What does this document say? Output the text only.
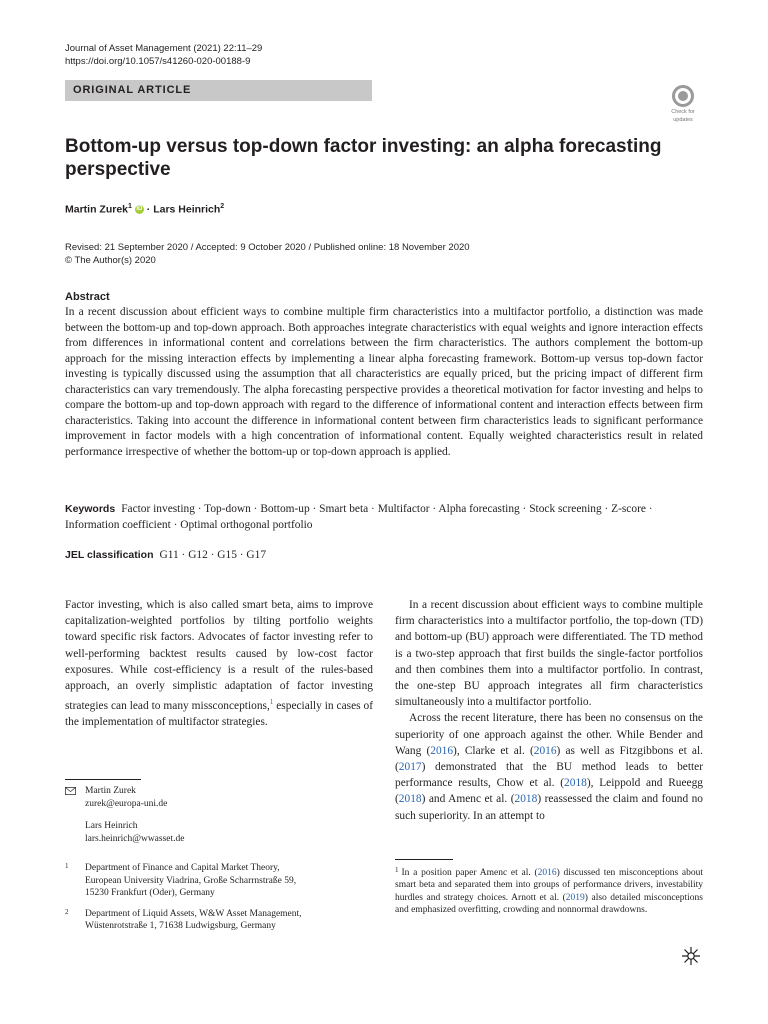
Journal of Asset Management (2021) 22:11–29
https://doi.org/10.1057/s41260-020-00188-9
ORIGINAL ARTICLE
Check for
updates
Bottom-up versus top-down factor investing: an alpha forecasting perspective
Martin Zurek$^1$ iD · Lars Heinrich$^2$
Revised: 21 September 2020 / Accepted: 9 October 2020 / Published online: 18 November 2020
© The Author(s) 2020
Abstract
In a recent discussion about efficient ways to combine multiple firm characteristics into a multifactor portfolio, a distinction was made between the bottom-up and top-down approach. Both approaches integrate characteristics with equal weights and ignore interaction effects from differences in informational content and correlations between the firm characteristics. The authors complement the bottom-up approach for the missing interaction effects by implementing a linear alpha forecasting framework. Bottom-up versus top-down factor investing is typically discussed using the assumption that all characteristics are equally priced, but the pricing impact of different firm characteristics can vary tremendously. The alpha forecasting perspective provides a theoretical motivation for factor investing and helps to compare the bottom-up and top-down approach with regard to the difference of informational content and interaction effects between firm characteristics. Taking into account the difference in informational content between firm characteristics leads to significant performance improvement in factor models with a high concentration of informational content. Equally weighted characteristics result in related performance irrespective of whether the bottom-up or top-down approach is applied.
Keywords Factor investing · Top-down · Bottom-up · Smart beta · Multifactor · Alpha forecasting · Stock screening · Z-score · Information coefficient · Optimal orthogonal portfolio
JEL classification G11 · G12 · G15 · G17

Factor investing, which is also called smart beta, aims to improve capitalization-weighted portfolios by tilting portfolio weights toward specific risk factors. Advocates of factor investing refer to well-performing backtest results caused by low-cost factor exposures. While cost-efficiency is a result of the rules-based approach, an overly simplistic adaptation of factor investing strategies can lead to many missconceptions,$^1$ especially in cases of the implementation of multifactor strategies.

Martin Zurek
zurek@europa-uni.de
Lars Heinrich
lars.heinrich@wwasset.de
1 Department of Finance and Capital Market Theory,
European University Viadrina, Große Scharrnstraße 59,
15230 Frankfurt (Oder), Germany
2 Department of Liquid Assets, W&W Asset Management,
Wüstenrotstraße 1, 71638 Ludwigsburg, Germany

In a recent discussion about efficient ways to combine multiple firm characteristics into a multifactor portfolio, the top-down (TD) and bottom-up (BU) approach were differentiated. The TD method is a two-step approach that first builds the single-factor portfolios and then combines them into a multifactor portfolio. In contrast, the one-step BU approach integrates all firm characteristics simultaneously into a multifactor portfolio.

Across the recent literature, there has been no consensus on the superiority of one approach against the other. While Bender and Wang (2016), Clarke et al. (2016) as well as Fitzgibbons et al. (2017) demonstrated that the BU method leads to better performance results, Chow et al. (2018), Leippold and Rueegg (2018) and Amenc et al. (2018) reassessed the claim and found no such superiority. In an attempt to

$^1$ In a position paper Amenc et al. (2016) discussed ten misconceptions about smart beta and separated them into groups of performance drivers, investability hurdles and strategy choices. Arnott et al. (2019) also detailed misconceptions and emphasized overfitting, crowding and nonnormal drawdowns.
